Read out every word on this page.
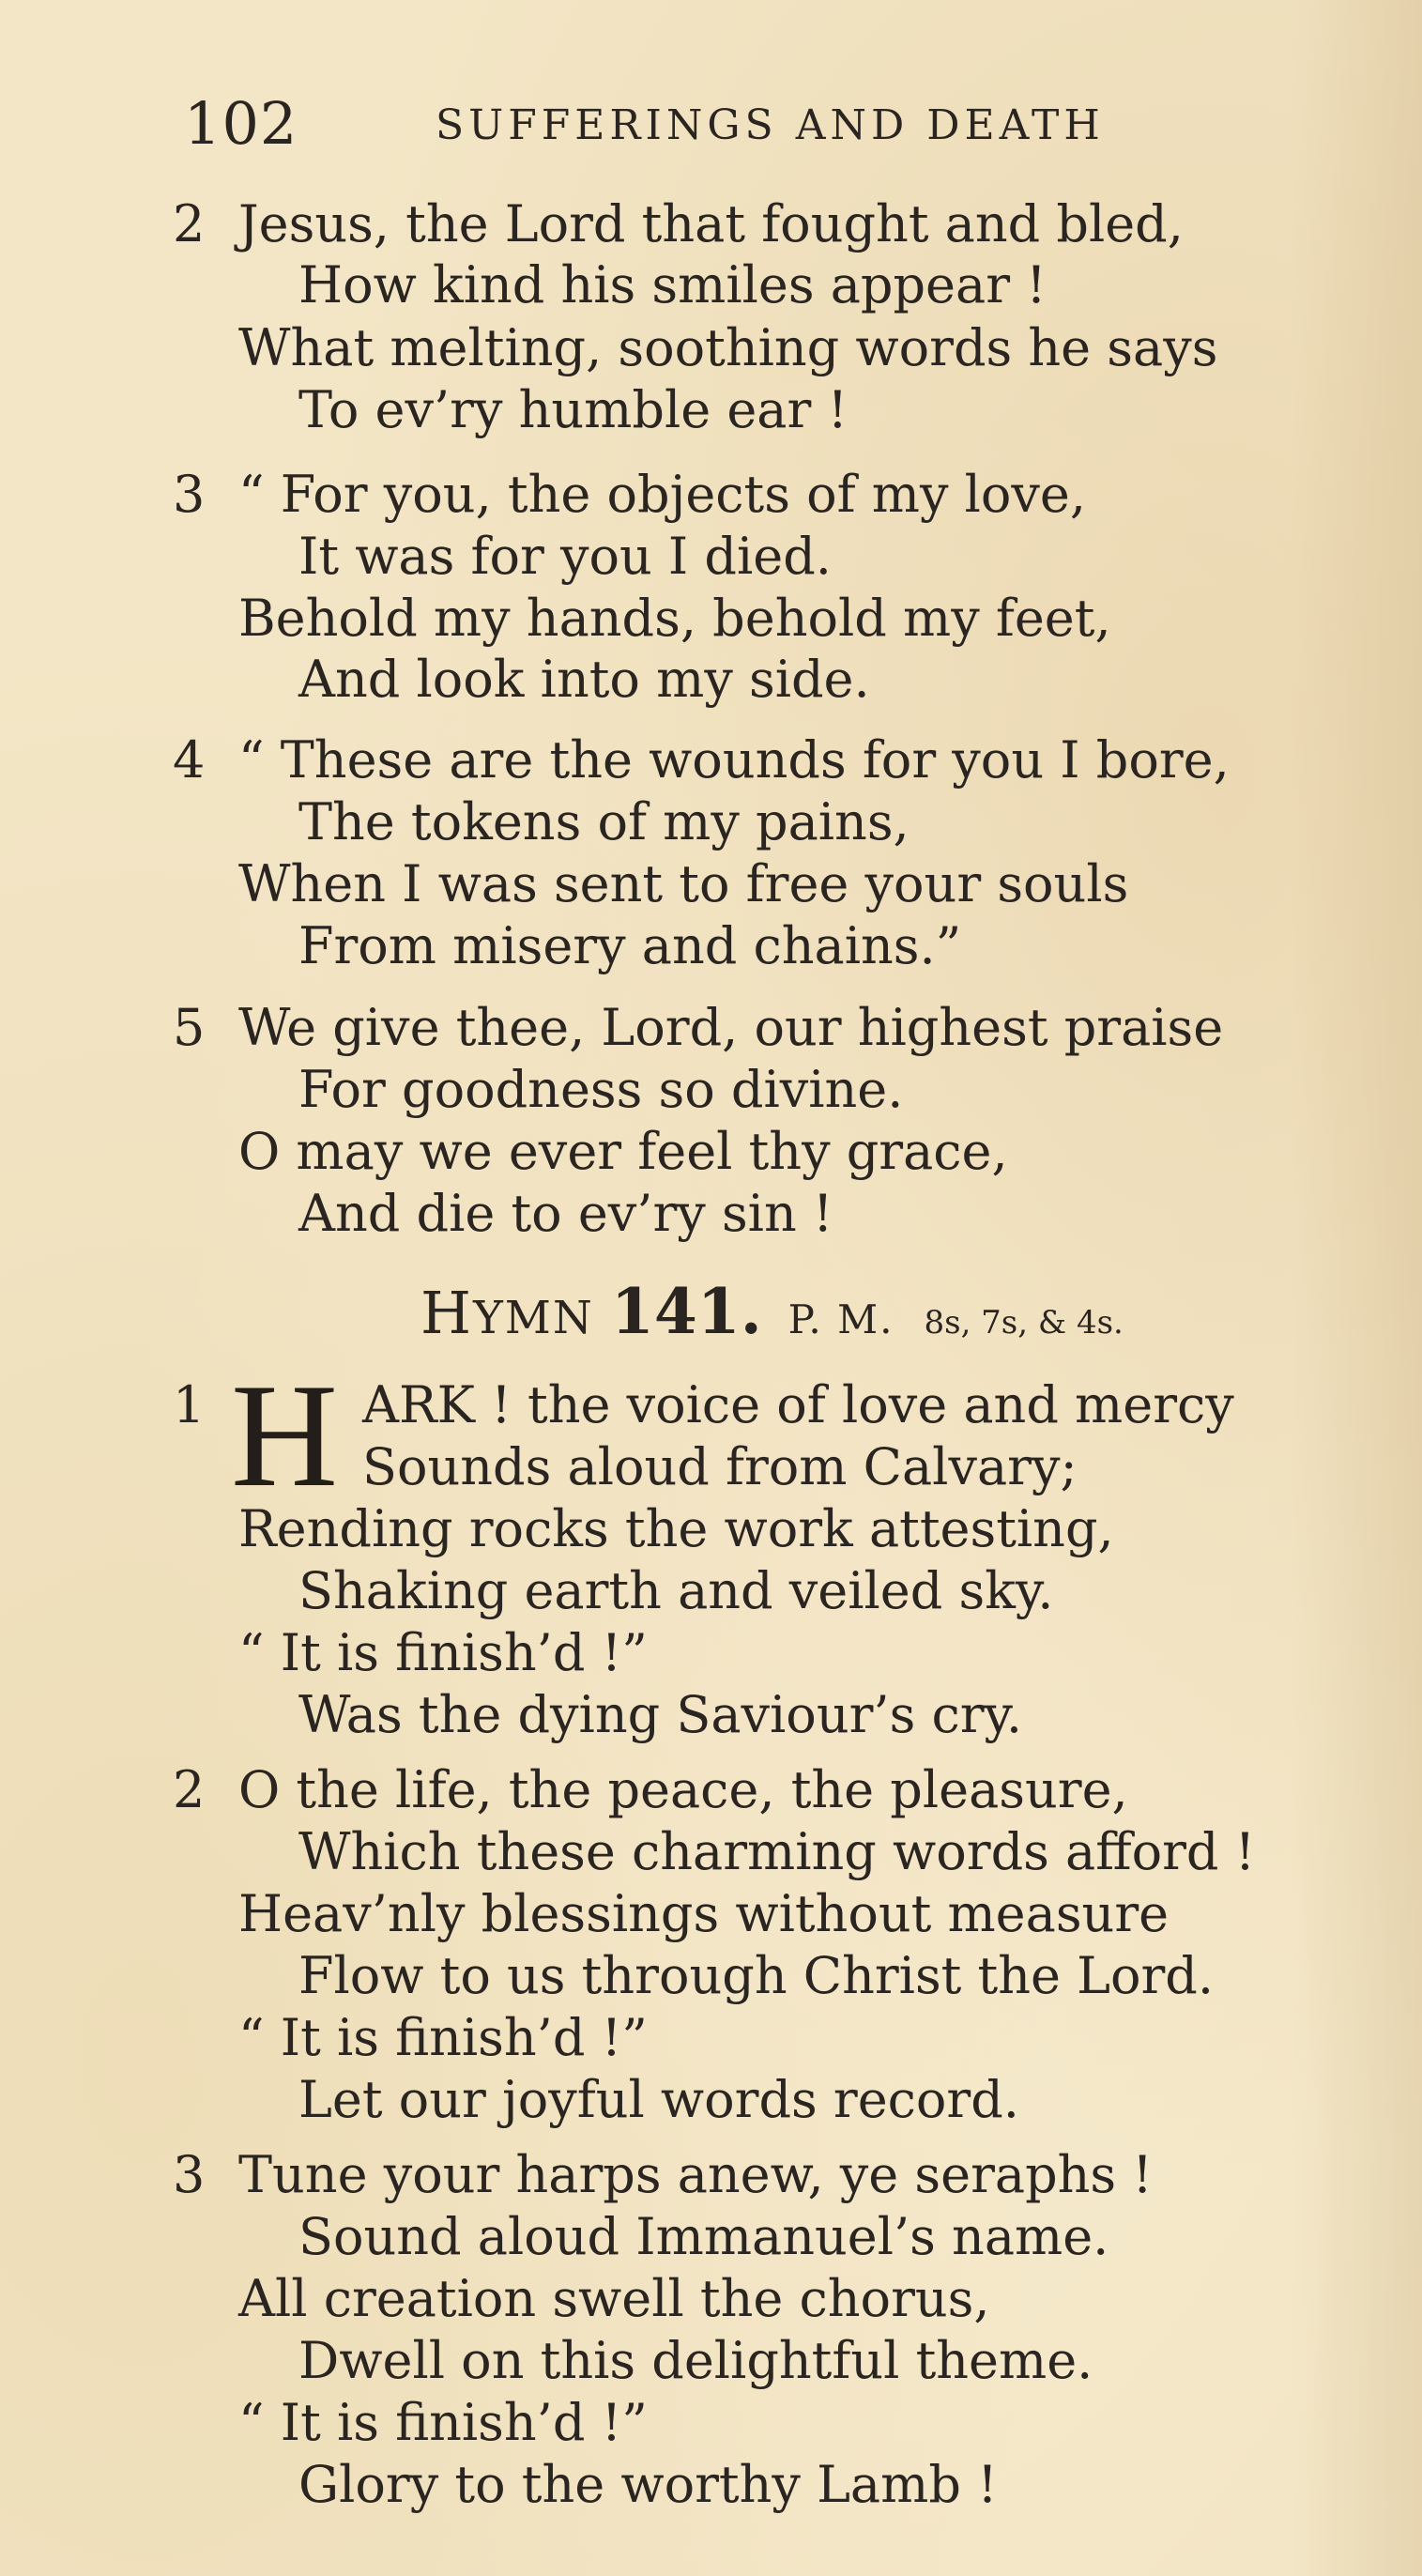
102	SUFFERINGS AND DEATH
2 Jesus, the Lord that fought and bled,
How kind his smiles appear !
What melting, soothing words he says
To ev’ry humble ear !
3 “ For you, the objects of my love,
It was for you I died.
Behold my hands, behold my feet,
And look into my side.
4 “ These are the wounds for you I bore,
The tokens of my pains,
When I was sent to free your souls
From misery and chains.”
5 We give thee, Lord, our highest praise
For goodness so divine.
O may we ever feel thy grace,
And die to ev’ry sin !
HYMN 141. P. M. 8s, 7s, & 4s.
1 H ARK ! the voice of love and mercy
Sounds aloud from Calvary;
Rending rocks the work attesting,
Shaking earth and veiled sky.
“ It is finish’d !”
Was the dying Saviour’s cry.
2 O the life, the peace, the pleasure,
Which these charming words afford !
Heav’nly blessings without measure
Flow to us through Christ the Lord.
“ It is finish’d !”
Let our joyful words record.
3 Tune your harps anew, ye seraphs !
Sound aloud Immanuel’s name.
All creation swell the chorus,
Dwell on this delightful theme.
“ It is finish’d !”
Glory to the worthy Lamb !
